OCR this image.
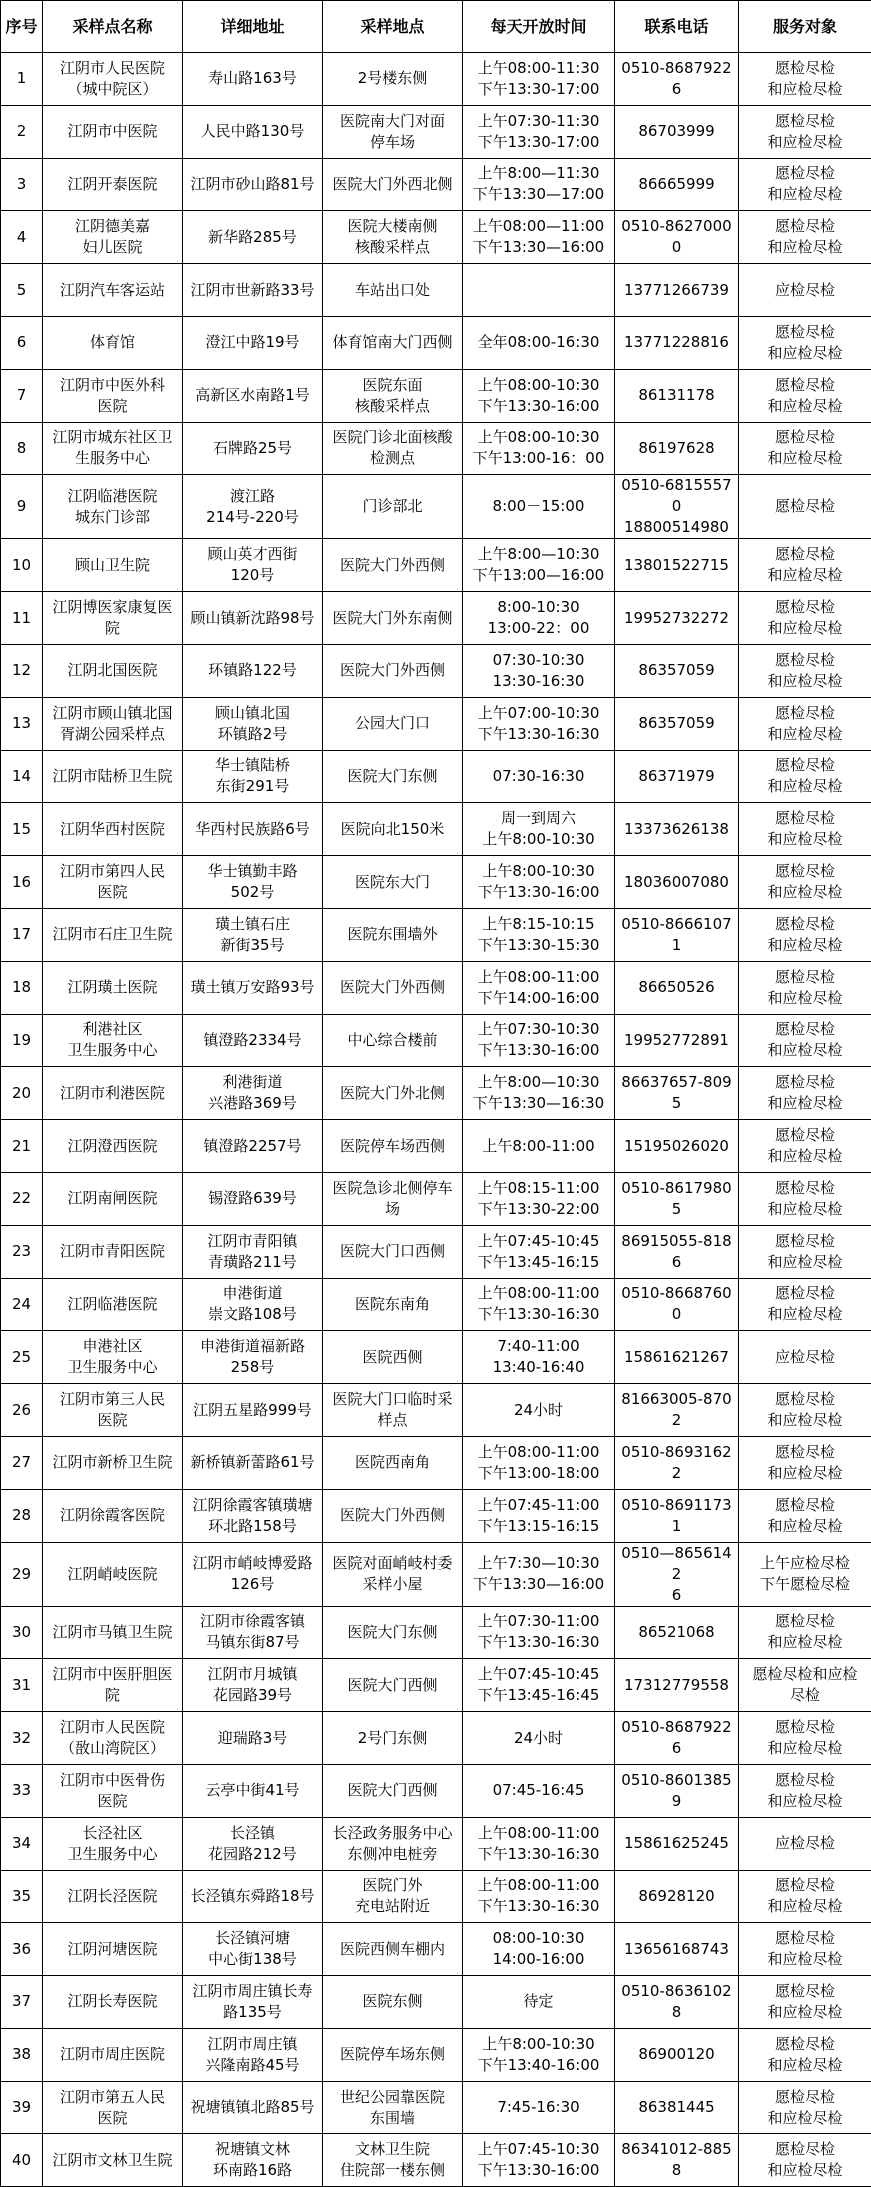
序号	采样点名称	详细地址	采样地点	每天开放时间	联系电话	服务对象
1	江阴市人民医院
（城中院区）	寿山路163号	2号楼东侧	上午08:00-11:30
下午13:30-17:00	0510-86879226	愿检尽检
和应检尽检
2	江阴市中医院	人民中路130号	医院南大门对面
停车场	上午07:30-11:30
下午13:30-17:00	86703999	愿检尽检
和应检尽检
3	江阴开泰医院	江阴市砂山路81号	医院大门外西北侧	上午8:00—11:30
下午13:30—17:00	86665999	愿检尽检
和应检尽检
4	江阴德美嘉
妇儿医院	新华路285号	医院大楼南侧
核酸采样点	上午08:00—11:00
下午13:30—16:00	0510-86270000	愿检尽检
和应检尽检
5	江阴汽车客运站	江阴市世新路33号	车站出口处		13771266739	应检尽检
6	体育馆	澄江中路19号	体育馆南大门西侧	全年08:00-16:30	13771228816	愿检尽检
和应检尽检
7	江阴市中医外科
医院	高新区水南路1号	医院东面
核酸采样点	上午08:00-10:30
下午13:30-16:00	86131178	愿检尽检
和应检尽检
8	江阴市城东社区卫
生服务中心	石牌路25号	医院门诊北面核酸
检测点	上午08:00-10:30
下午13:00-16：00	86197628	愿检尽检
和应检尽检
9	江阴临港医院
城东门诊部	渡江路
214号-220号	门诊部北	8:00－15:00	0510-68155570
18800514980	愿检尽检
10	顾山卫生院	顾山英才西街
120号	医院大门外西侧	上午8:00—10:30
下午13:00—16:00	13801522715	愿检尽检
和应检尽检
11	江阴博医家康复医
院	顾山镇新沈路98号	医院大门外东南侧	8:00-10:30
13:00-22：00	19952732272	愿检尽检
和应检尽检
12	江阴北国医院	环镇路122号	医院大门外西侧	07:30-10:30
13:30-16:30	86357059	愿检尽检
和应检尽检
13	江阴市顾山镇北国
胥湖公园采样点	顾山镇北国
环镇路2号	公园大门口	上午07:00-10:30
下午13:30-16:30	86357059	愿检尽检
和应检尽检
14	江阴市陆桥卫生院	华士镇陆桥
东街291号	医院大门东侧	07:30-16:30	86371979	愿检尽检
和应检尽检
15	江阴华西村医院	华西村民族路6号	医院向北150米	周一到周六
上午8:00-10:30	13373626138	愿检尽检
和应检尽检
16	江阴市第四人民
医院	华士镇勤丰路
502号	医院东大门	上午8:00-10:30
下午13:30-16:00	18036007080	愿检尽检
和应检尽检
17	江阴市石庄卫生院	璜土镇石庄
新街35号	医院东围墙外	上午8:15-10:15
下午13:30-15:30	0510-86661071	愿检尽检
和应检尽检
18	江阴璜土医院	璜土镇万安路93号	医院大门外西侧	上午08:00-11:00
下午14:00-16:00	86650526	愿检尽检
和应检尽检
19	利港社区
卫生服务中心	镇澄路2334号	中心综合楼前	上午07:30-10:30
下午13:30-16:00	19952772891	愿检尽检
和应检尽检
20	江阴市利港医院	利港街道
兴港路369号	医院大门外北侧	上午8:00—10:30
下午13:30—16:30	86637657-8095	愿检尽检
和应检尽检
21	江阴澄西医院	镇澄路2257号	医院停车场西侧	上午8:00-11:00	15195026020	愿检尽检
和应检尽检
22	江阴南闸医院	锡澄路639号	医院急诊北侧停车
场	上午08:15-11:00
下午13:30-22:00	0510-86179805	愿检尽检
和应检尽检
23	江阴市青阳医院	江阴市青阳镇
青璜路211号	医院大门口西侧	上午07:45-10:45
下午13:45-16:15	86915055-8186	愿检尽检
和应检尽检
24	江阴临港医院	申港街道
崇文路108号	医院东南角	上午08:00-11:00
下午13:30-16:30	0510-86687600	愿检尽检
和应检尽检
25	申港社区
卫生服务中心	申港街道福新路
258号	医院西侧	7:40-11:00
13:40-16:40	15861621267	应检尽检
26	江阴市第三人民
医院	江阴五星路999号	医院大门口临时采
样点	24小时	81663005-8702	愿检尽检
和应检尽检
27	江阴市新桥卫生院	新桥镇新蕾路61号	医院西南角	上午08:00-11:00
下午13:00-18:00	0510-86931622	愿检尽检
和应检尽检
28	江阴徐霞客医院	江阴徐霞客镇璜塘
环北路158号	医院大门外西侧	上午07:45-11:00
下午13:15-16:15	0510-86911731	愿检尽检
和应检尽检
29	江阴峭岐医院	江阴市峭岐博爱路
126号	医院对面峭岐村委
采样小屋	上午7:30—10:30
下午13:30—16:00	0510—8656142
6	上午应检尽检
下午愿检尽检
30	江阴市马镇卫生院	江阴市徐霞客镇
马镇东街87号	医院大门东侧	上午07:30-11:00
下午13:30-16:30	86521068	愿检尽检
和应检尽检
31	江阴市中医肝胆医
院	江阴市月城镇
花园路39号	医院大门西侧	上午07:45-10:45
下午13:45-16:45	17312779558	愿检尽检和应检
尽检
32	江阴市人民医院
（敔山湾院区）	迎瑞路3号	2号门东侧	24小时	0510-86879226	愿检尽检
和应检尽检
33	江阴市中医骨伤
医院	云亭中街41号	医院大门西侧	07:45-16:45	0510-86013859	愿检尽检
和应检尽检
34	长泾社区
卫生服务中心	长泾镇
花园路212号	长泾政务服务中心
东侧冲电桩旁	上午08:00-11:00
下午13:30-16:30	15861625245	应检尽检
35	江阴长泾医院	长泾镇东舜路18号	医院门外
充电站附近	上午08:00-11:00
下午13:30-16:30	86928120	愿检尽检
和应检尽检
36	江阴河塘医院	长泾镇河塘
中心街138号	医院西侧车棚内	08:00-10:30
14:00-16:00	13656168743	愿检尽检
和应检尽检
37	江阴长寿医院	江阴市周庄镇长寿
路135号	医院东侧	待定	0510-86361028	愿检尽检
和应检尽检
38	江阴市周庄医院	江阴市周庄镇
兴隆南路45号	医院停车场东侧	上午8:00-10:30
下午13:40-16:00	86900120	愿检尽检
和应检尽检
39	江阴市第五人民
医院	祝塘镇镇北路85号	世纪公园靠医院
东围墙	7:45-16:30	86381445	愿检尽检
和应检尽检
40	江阴市文林卫生院	祝塘镇文林
环南路16路	文林卫生院
住院部一楼东侧	上午07:45-10:30
下午13:30-16:00	86341012-8858	愿检尽检
和应检尽检
